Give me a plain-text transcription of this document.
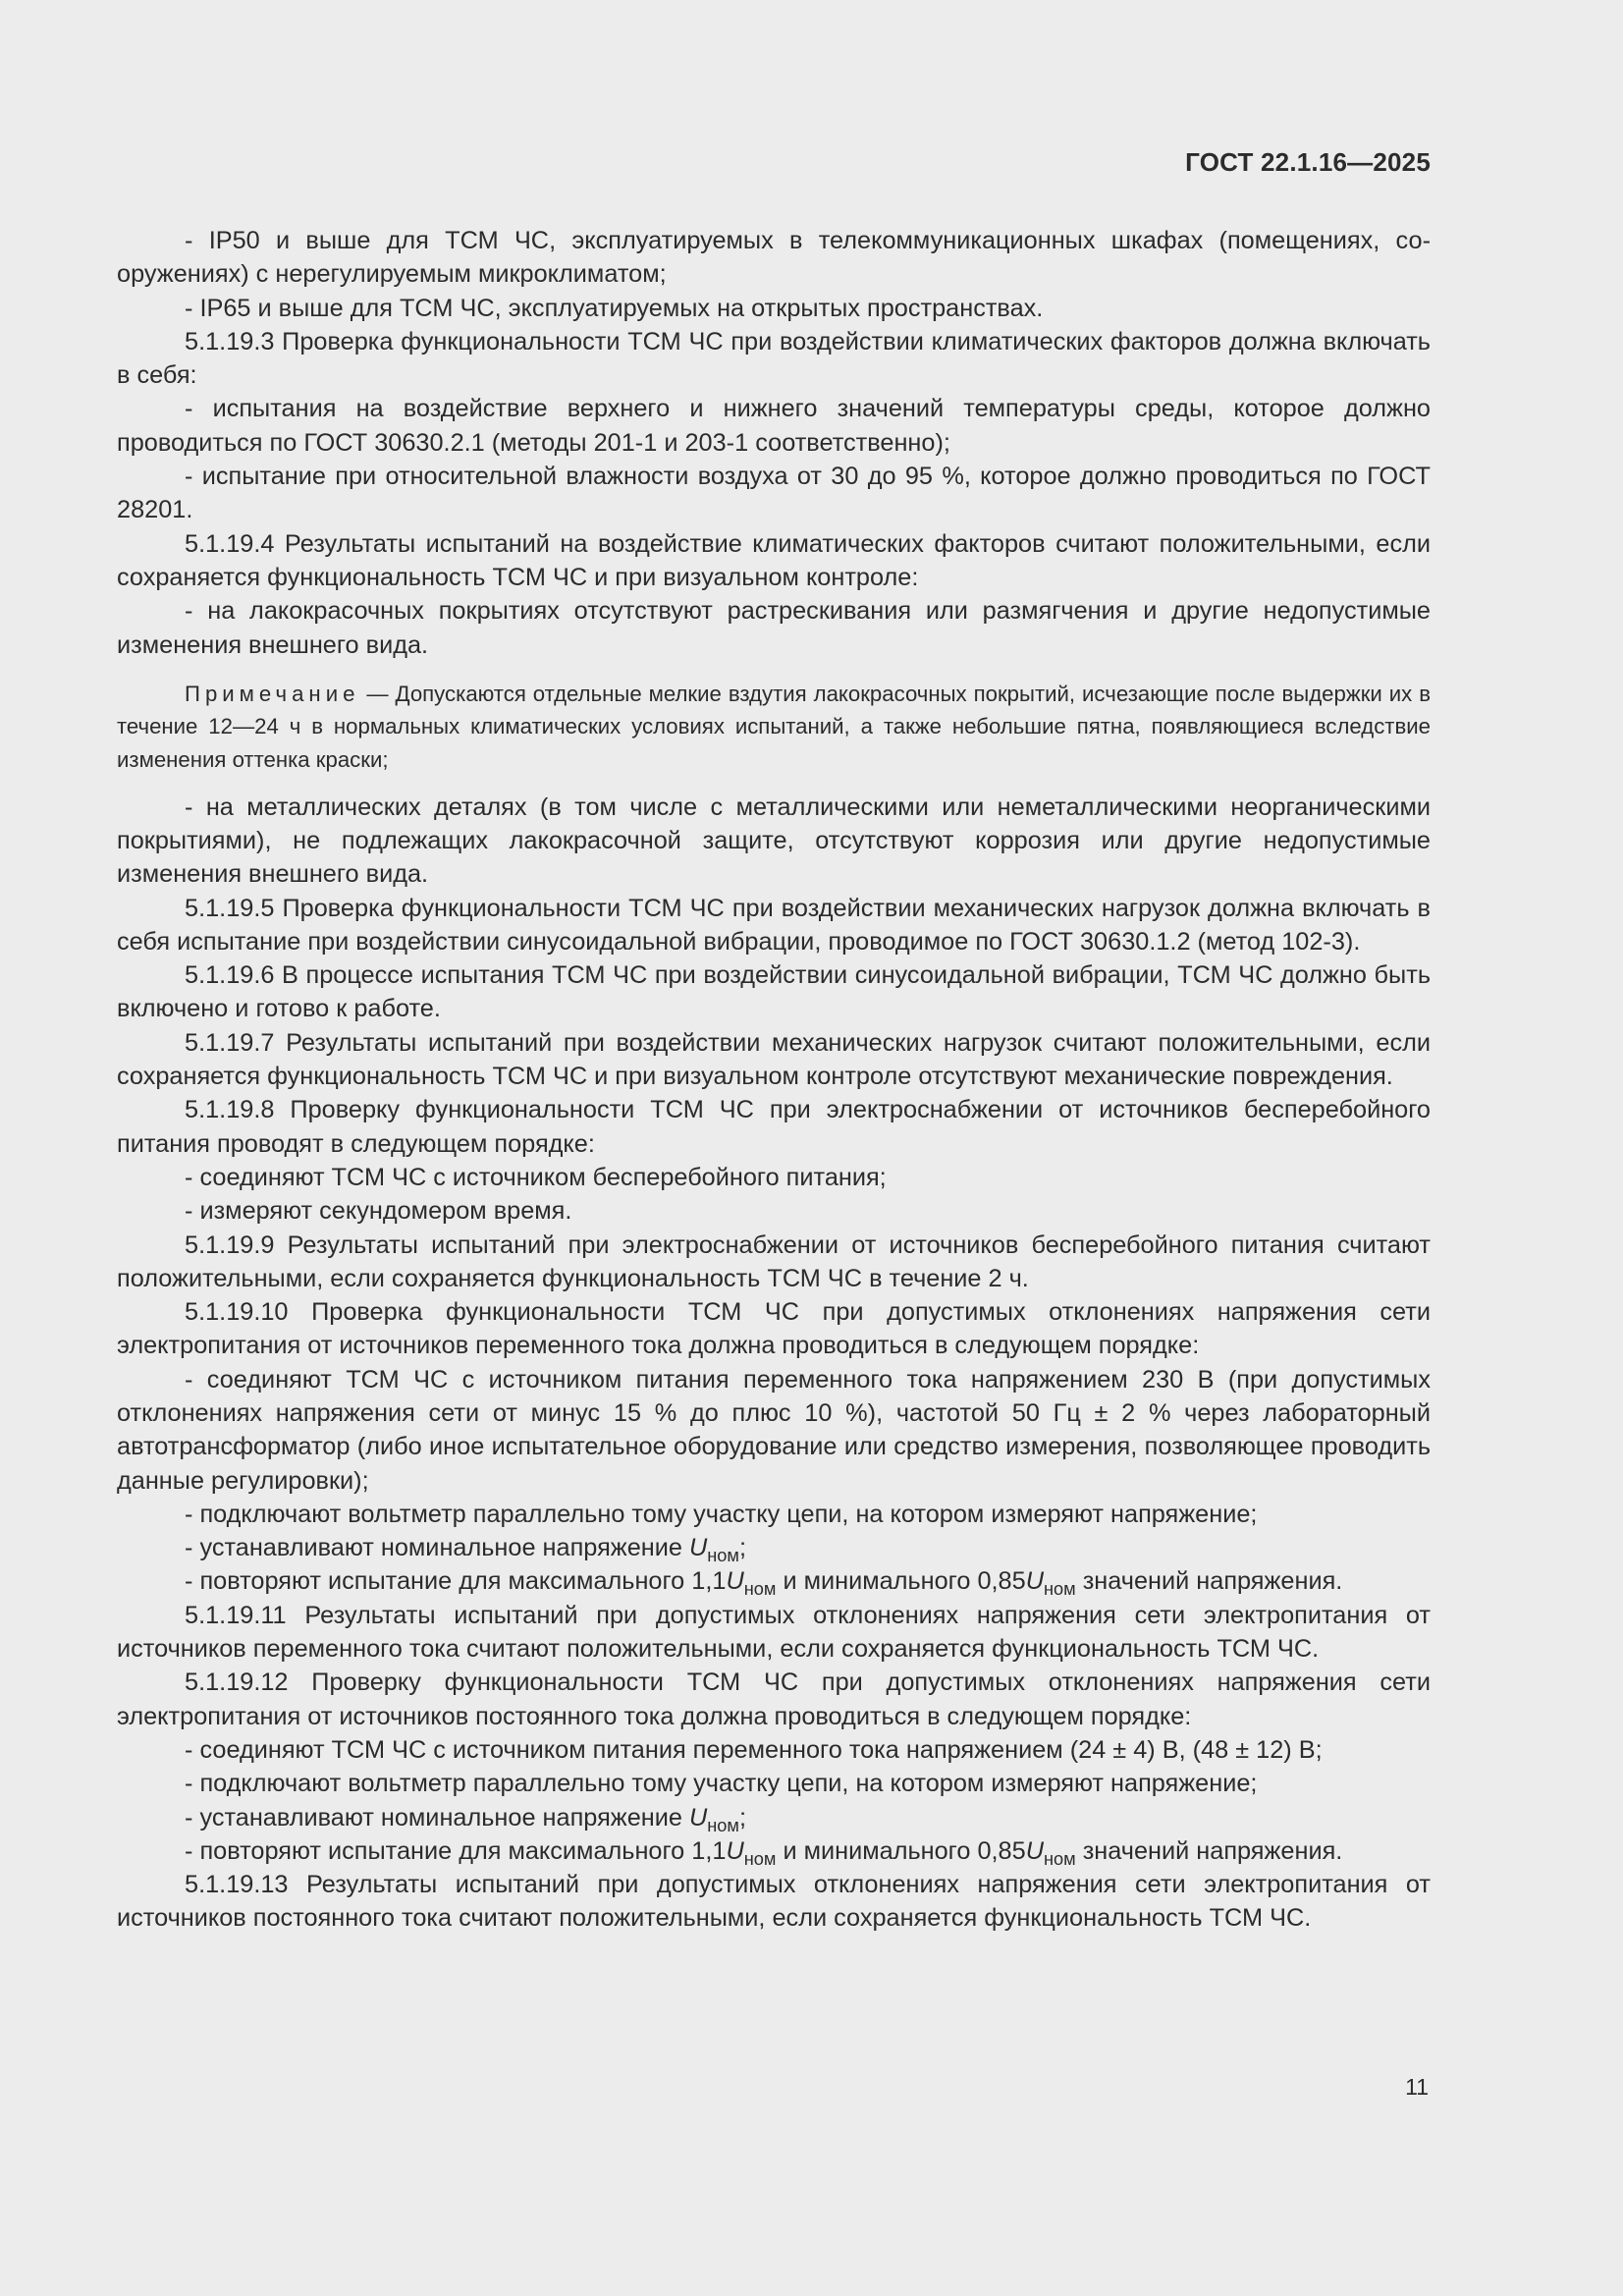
ГОСТ 22.1.16—2025

- IP50 и выше для ТСМ ЧС, эксплуатируемых в телекоммуникационных шкафах (помещениях, сооружениях) с нерегулируемым микроклиматом;

- IP65 и выше для ТСМ ЧС, эксплуатируемых на открытых пространствах.

5.1.19.3 Проверка функциональности ТСМ ЧС при воздействии климатических факторов должна включать в себя:

- испытания на воздействие верхнего и нижнего значений температуры среды, которое должно проводиться по ГОСТ 30630.2.1 (методы 201-1 и 203-1 соответственно);

- испытание при относительной влажности воздуха от 30 до 95 %, которое должно проводиться по ГОСТ 28201.

5.1.19.4 Результаты испытаний на воздействие климатических факторов считают положительными, если сохраняется функциональность ТСМ ЧС и при визуальном контроле:

- на лакокрасочных покрытиях отсутствуют растрескивания или размягчения и другие недопустимые изменения внешнего вида.

Примечание — Допускаются отдельные мелкие вздутия лакокрасочных покрытий, исчезающие после выдержки их в течение 12—24 ч в нормальных климатических условиях испытаний, а также небольшие пятна, появляющиеся вследствие изменения оттенка краски;

- на металлических деталях (в том числе с металлическими или неметаллическими неорганическими покрытиями), не подлежащих лакокрасочной защите, отсутствуют коррозия или другие недопустимые изменения внешнего вида.

5.1.19.5 Проверка функциональности ТСМ ЧС при воздействии механических нагрузок должна включать в себя испытание при воздействии синусоидальной вибрации, проводимое по ГОСТ 30630.1.2 (метод 102-3).

5.1.19.6 В процессе испытания ТСМ ЧС при воздействии синусоидальной вибрации, ТСМ ЧС должно быть включено и готово к работе.

5.1.19.7 Результаты испытаний при воздействии механических нагрузок считают положительными, если сохраняется функциональность ТСМ ЧС и при визуальном контроле отсутствуют механические повреждения.

5.1.19.8 Проверку функциональности ТСМ ЧС при электроснабжении от источников бесперебойного питания проводят в следующем порядке:

- соединяют ТСМ ЧС с источником бесперебойного питания;

- измеряют секундомером время.

5.1.19.9 Результаты испытаний при электроснабжении от источников бесперебойного питания считают положительными, если сохраняется функциональность ТСМ ЧС в течение 2 ч.

5.1.19.10 Проверка функциональности ТСМ ЧС при допустимых отклонениях напряжения сети электропитания от источников переменного тока должна проводиться в следующем порядке:

- соединяют ТСМ ЧС с источником питания переменного тока напряжением 230 В (при допустимых отклонениях напряжения сети от минус 15 % до плюс 10 %), частотой 50 Гц ± 2 % через лабораторный автотрансформатор (либо иное испытательное оборудование или средство измерения, позволяющее проводить данные регулировки);

- подключают вольтметр параллельно тому участку цепи, на котором измеряют напряжение;

- устанавливают номинальное напряжение $U_{ном}$;

- повторяют испытание для максимального $1,1U_{ном}$ и минимального $0,85U_{ном}$ значений напряжения.

5.1.19.11 Результаты испытаний при допустимых отклонениях напряжения сети электропитания от источников переменного тока считают положительными, если сохраняется функциональность ТСМ ЧС.

5.1.19.12 Проверку функциональности ТСМ ЧС при допустимых отклонениях напряжения сети электропитания от источников постоянного тока должна проводиться в следующем порядке:

- соединяют ТСМ ЧС с источником питания переменного тока напряжением (24 ± 4) В, (48 ± 12) В;

- подключают вольтметр параллельно тому участку цепи, на котором измеряют напряжение;

- устанавливают номинальное напряжение $U_{ном}$;

- повторяют испытание для максимального $1,1U_{ном}$ и минимального $0,85U_{ном}$ значений напряжения.

5.1.19.13 Результаты испытаний при допустимых отклонениях напряжения сети электропитания от источников постоянного тока считают положительными, если сохраняется функциональность ТСМ ЧС.

11
